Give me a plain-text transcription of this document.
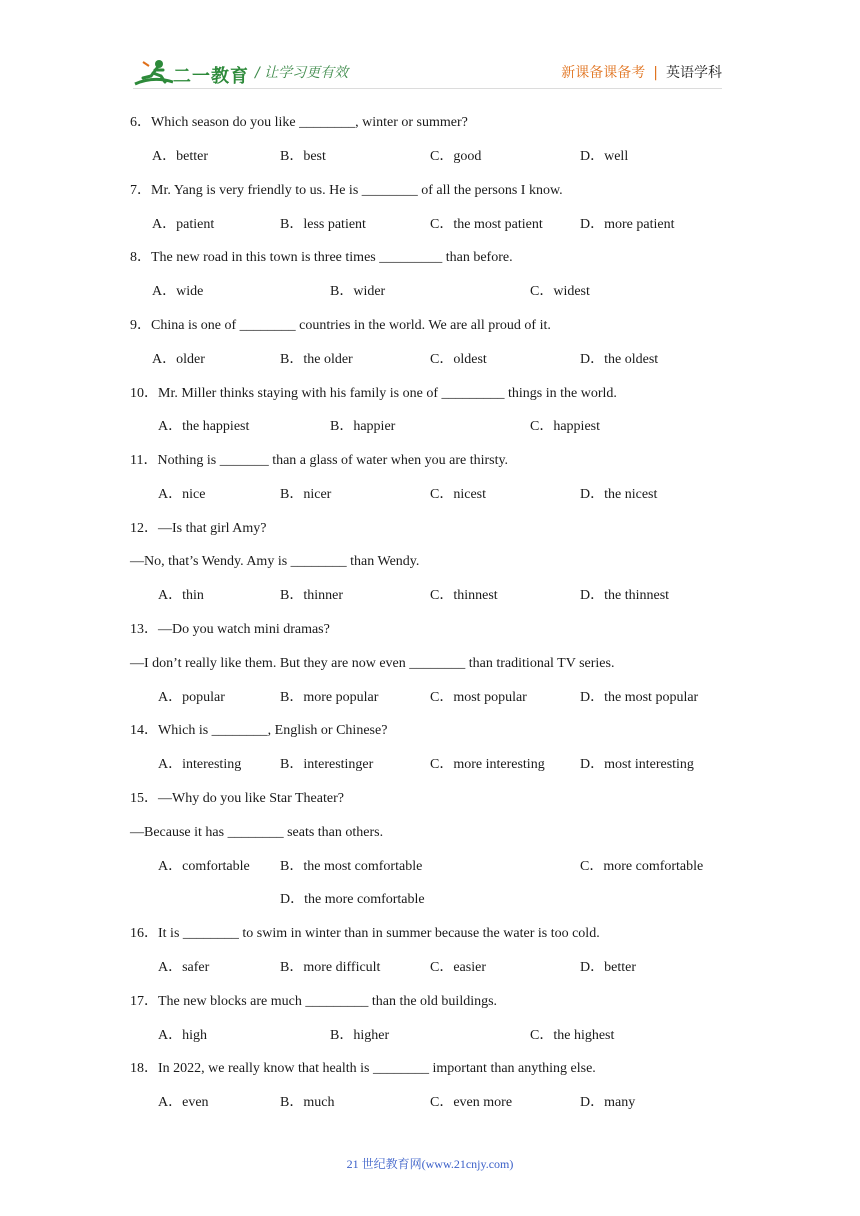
二一教育 / 让学习更有效	新课备课备考 | 英语学科
6．Which season do you like ________, winter or summer?
A．better	B．best	C．good	D．well
7．Mr. Yang is very friendly to us. He is ________ of all the persons I know.
A．patient	B．less patient	C．the most patient	D．more patient
8．The new road in this town is three times _________ than before.
A．wide	B．wider	C．widest
9．China is one of ________ countries in the world. We are all proud of it.
A．older	B．the older	C．oldest	D．the oldest
10．Mr. Miller thinks staying with his family is one of _________ things in the world.
A．the happiest	B．happier	C．happiest
11．Nothing is _______ than a glass of water when you are thirsty.
A．nice	B．nicer	C．nicest	D．the nicest
12．—Is that girl Amy?
—No, that’s Wendy. Amy is ________ than Wendy.
A．thin	B．thinner	C．thinnest	D．the thinnest
13．—Do you watch mini dramas?
—I don’t really like them. But they are now even ________ than traditional TV series.
A．popular	B．more popular	C．most popular	D．the most popular
14．Which is ________, English or Chinese?
A．interesting	B．interestinger	C．more interesting	D．most interesting
15．—Why do you like Star Theater?
—Because it has ________ seats than others.
A．comfortable B．the most comfortable	C．more comfortable
D．the more comfortable
16．It is ________ to swim in winter than in summer because the water is too cold.
A．safer	B．more difficult	C．easier	D．better
17．The new blocks are much _________ than the old buildings.
A．high	B．higher	C．the highest
18．In 2022, we really know that health is ________ important than anything else.
A．even	B．much	C．even more	D．many
21 世纪教育网(www.21cnjy.com)
